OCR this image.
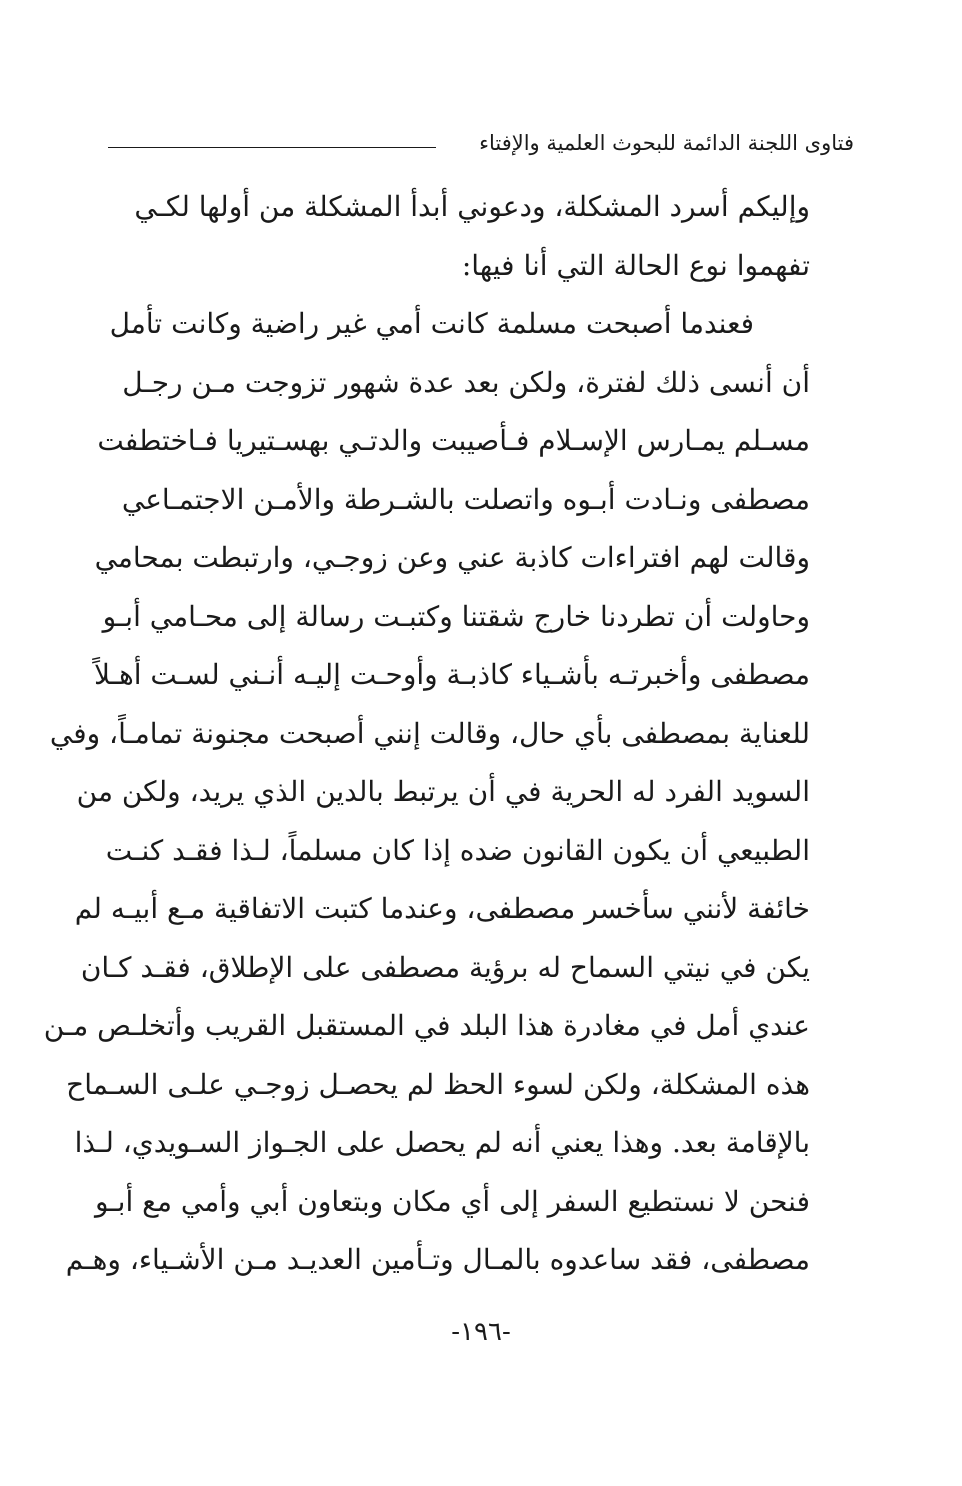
فتاوى اللجنة الدائمة للبحوث العلمية والإفتاء
وإليكم أسرد المشكلة، ودعوني أبدأ المشكلة من أولها لكـي
تفهموا نوع الحالة التي أنا فيها:
فعندما أصبحت مسلمة كانت أمي غير راضية وكانت تأمل
أن أنسى ذلك لفترة، ولكن بعد عدة شهور تزوجت مـن رجـل
مسـلم يمـارس الإسـلام فـأصيبت والدتـي بهسـتيريا فـاختطفت
مصطفى ونـادت أبـوه واتصلت بالشـرطة والأمـن الاجتمـاعي
وقالت لهم افتراءات كاذبة عني وعن زوجـي، وارتبطت بمحامي
وحاولت أن تطردنا خارج شقتنا وكتبـت رسالة إلى محـامي أبـو
مصطفى وأخبرتـه بأشـياء كاذبـة وأوحـت إليـه أنـني لسـت أهـلاً
للعناية بمصطفى بأي حال، وقالت إنني أصبحت مجنونة تمامـاً، وفي
السويد الفرد له الحرية في أن يرتبط بالدين الذي يريد، ولكن من
الطبيعي أن يكون القانون ضده إذا كان مسلماً، لـذا فقـد كنـت
خائفة لأنني سأخسر مصطفى، وعندما كتبت الاتفاقية مـع أبيـه لم
يكن في نيتي السماح له برؤية مصطفى على الإطلاق، فقـد كـان
عندي أمل في مغادرة هذا البلد في المستقبل القريب وأتخلـص مـن
هذه المشكلة، ولكن لسوء الحظ لم يحصـل زوجـي علـى السـماح
بالإقامة بعد. وهذا يعني أنه لم يحصل على الجـواز السـويدي، لـذا
فنحن لا نستطيع السفر إلى أي مكان وبتعاون أبي وأمي مع أبـو
مصطفى، فقد ساعدوه بالمـال وتـأمين العديـد مـن الأشـياء، وهـم
-١٩٦-
